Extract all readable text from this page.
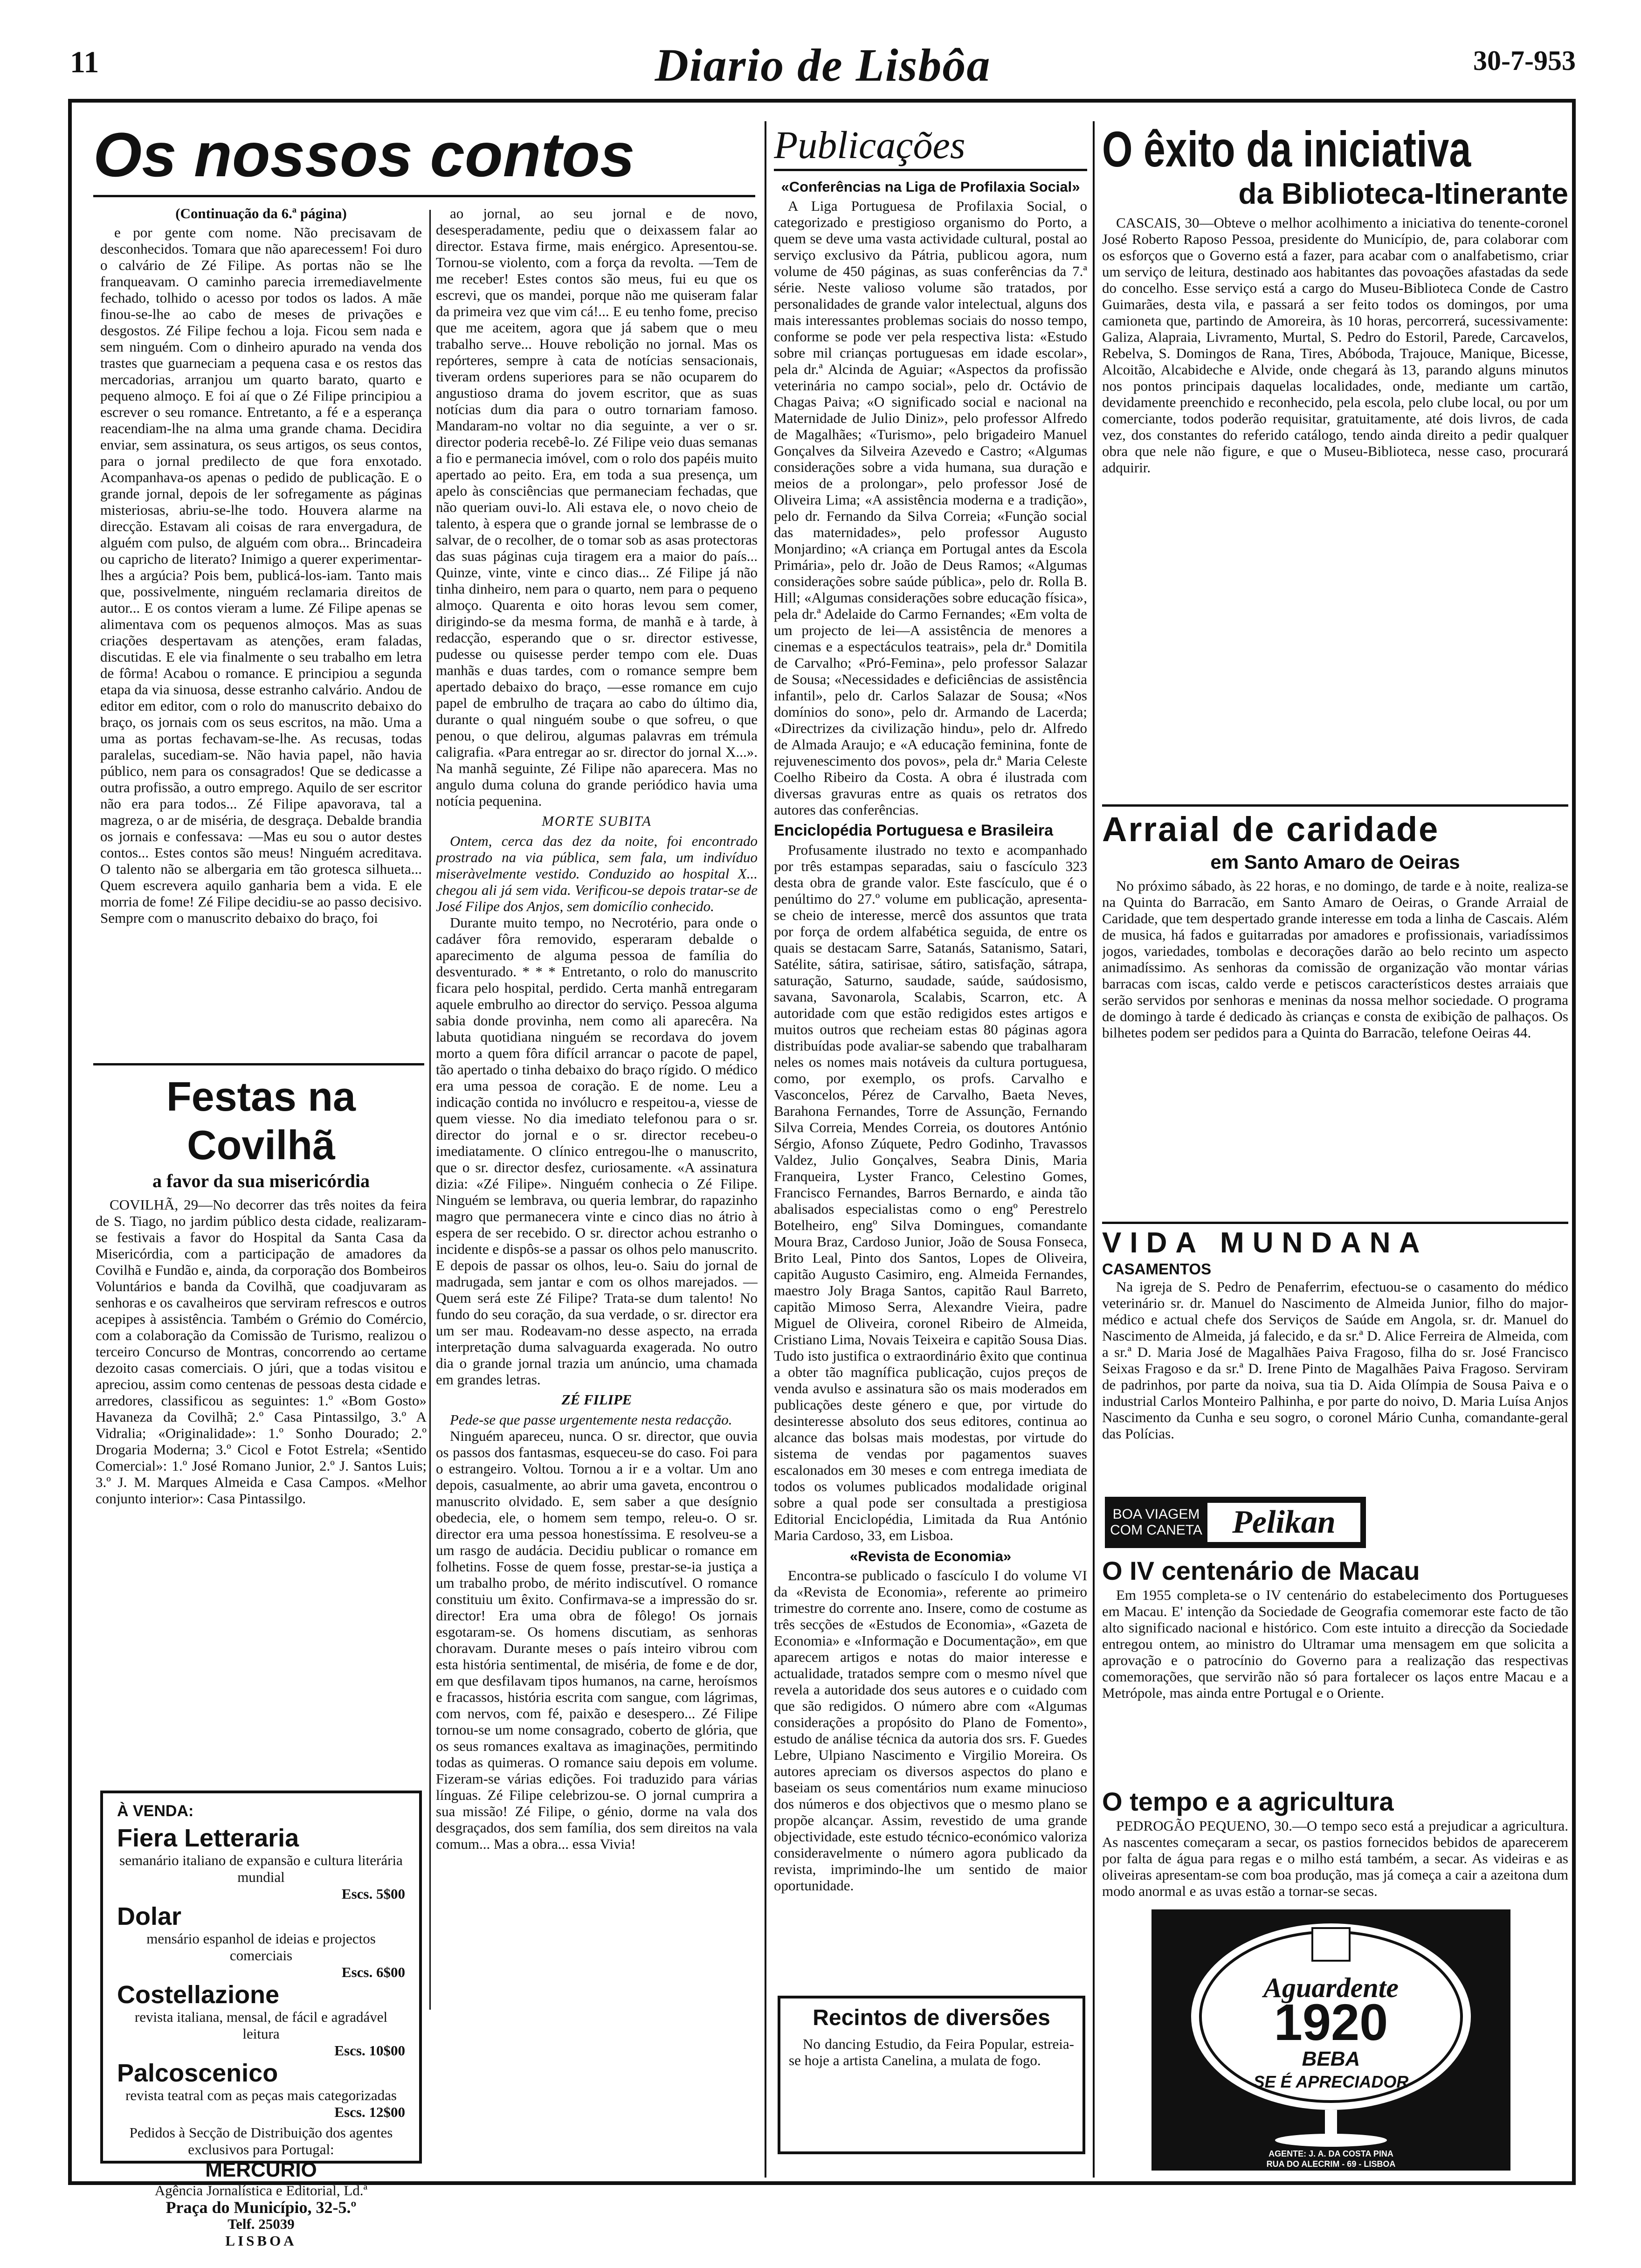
11	Diario de Lisbôa	30-7-953
Os nossos contos
(Continuação da 6.ª página)

e por gente com nome. Não precisavam de desconhecidos. Tomara que não aparecessem! Foi duro o calvário de Zé Filipe. As portas não se lhe franqueavam. O caminho parecia irremediavelmente fechado, tolhido o acesso por todos os lados. A mãe finou-se-lhe ao cabo de meses de privações e desgostos. Zé Filipe fechou a loja. Ficou sem nada e sem ninguém. Com o dinheiro apurado na venda dos trastes que guarneciam a pequena casa e os restos das mercadorias, arranjou um quarto barato, quarto e pequeno almoço. E foi aí que o Zé Filipe principiou a escrever o seu romance. Entretanto, a fé e a esperança reacendiam-lhe na alma uma grande chama. Decidira enviar, sem assinatura, os seus artigos, os seus contos, para o jornal predilecto de que fora enxotado. Acompanhava-os apenas o pedido de publicação. E o grande jornal, depois de ler sofregamente as páginas misteriosas, abriu-se-lhe todo. Houvera alarme na direcção. Estavam ali coisas de rara envergadura, de alguém com pulso, de alguém com obra... Brincadeira ou capricho de literato? Inimigo a querer experimentar-lhes a argúcia? Pois bem, publicá-los-iam. Tanto mais que, possivelmente, ninguém reclamaria direitos de autor... E os contos vieram a lume. Zé Filipe apenas se alimentava com os pequenos almoços. Mas as suas criações despertavam as atenções, eram faladas, discutidas. E ele via finalmente o seu trabalho em letra de fôrma! Acabou o romance. E principiou a segunda etapa da via sinuosa, desse estranho calvário. Andou de editor em editor, com o rolo do manuscrito debaixo do braço, os jornais com os seus escritos, na mão. Uma a uma as portas fechavam-se-lhe. As recusas, todas paralelas, sucediam-se. Não havia papel, não havia público, nem para os consagrados! Que se dedicasse a outra profissão, a outro emprego. Aquilo de ser escritor não era para todos... Zé Filipe apavorava, tal a magreza, o ar de miséria, de desgraça. Debalde brandia os jornais e confessava: —Mas eu sou o autor destes contos... Estes contos são meus! Ninguém acreditava. O talento não se albergaria em tão grotesca silhueta... Quem escrevera aquilo ganharia bem a vida. E ele morria de fome! Zé Filipe decidiu-se ao passo decisivo. Sempre com o manuscrito debaixo do braço, foi

ao jornal, ao seu jornal e de novo, desesperadamente, pediu que o deixassem falar ao director. Estava firme, mais enérgico. Apresentou-se. Tornou-se violento, com a força da revolta. —Tem de me receber! Estes contos são meus, fui eu que os escrevi, que os mandei, porque não me quiseram falar da primeira vez que vim cá!... E eu tenho fome, preciso que me aceitem, agora que já sabem que o meu trabalho serve... Houve rebolição no jornal. Mas os repórteres, sempre à cata de notícias sensacionais, tiveram ordens superiores para se não ocuparem do angustioso drama do jovem escritor, que as suas notícias dum dia para o outro tornariam famoso. Mandaram-no voltar no dia seguinte, a ver o sr. director poderia recebê-lo. Zé Filipe veio duas semanas a fio e permanecia imóvel, com o rolo dos papéis muito apertado ao peito. Era, em toda a sua presença, um apelo às consciências que permaneciam fechadas, que não queriam ouvi-lo. Ali estava ele, o novo cheio de talento, à espera que o grande jornal se lembrasse de o salvar, de o recolher, de o tomar sob as asas protectoras das suas páginas cuja tiragem era a maior do país... Quinze, vinte, vinte e cinco dias... Zé Filipe já não tinha dinheiro, nem para o quarto, nem para o pequeno almoço. Quarenta e oito horas levou sem comer, dirigindo-se da mesma forma, de manhã e à tarde, à redacção, esperando que o sr. director estivesse, pudesse ou quisesse perder tempo com ele. Duas manhãs e duas tardes, com o romance sempre bem apertado debaixo do braço, —esse romance em cujo papel de embrulho de traçara ao cabo do último dia, durante o qual ninguém soube o que sofreu, o que penou, o que delirou, algumas palavras em trémula caligrafia. «Para entregar ao sr. director do jornal X...». Na manhã seguinte, Zé Filipe não aparecera. Mas no angulo duma coluna do grande periódico havia uma notícia pequenina.

MORTE SUBITA

Ontem, cerca das dez da noite, foi encontrado prostrado na via pública, sem fala, um indivíduo miseràvelmente vestido. Conduzido ao hospital X... chegou ali já sem vida. Verificou-se depois tratar-se de José Filipe dos Anjos, sem domicílio conhecido.

Durante muito tempo, no Necrotério, para onde o cadáver fôra removido, esperaram debalde o aparecimento de alguma pessoa de família do desventurado. * * * Entretanto, o rolo do manuscrito ficara pelo hospital, perdido. Certa manhã entregaram aquele embrulho ao director do serviço. Pessoa alguma sabia donde provinha, nem como ali aparecêra. Na labuta quotidiana ninguém se recordava do jovem morto a quem fôra difícil arrancar o pacote de papel, tão apertado o tinha debaixo do braço rígido. O médico era uma pessoa de coração. E de nome. Leu a indicação contida no invólucro e respeitou-a, viesse de quem viesse. No dia imediato telefonou para o sr. director do jornal e o sr. director recebeu-o imediatamente. O clínico entregou-lhe o manuscrito, que o sr. director desfez, curiosamente. «A assinatura dizia: «Zé Filipe». Ninguém conhecia o Zé Filipe. Ninguém se lembrava, ou queria lembrar, do rapazinho magro que permanecera vinte e cinco dias no átrio à espera de ser recebido. O sr. director achou estranho o incidente e dispôs-se a passar os olhos pelo manuscrito. E depois de passar os olhos, leu-o. Saiu do jornal de madrugada, sem jantar e com os olhos marejados. —Quem será este Zé Filipe? Trata-se dum talento! No fundo do seu coração, da sua verdade, o sr. director era um ser mau. Rodeavam-no desse aspecto, na errada interpretação duma salvaguarda exagerada. No outro dia o grande jornal trazia um anúncio, uma chamada em grandes letras.

ZÉ FILIPE

Pede-se que passe urgentemente nesta redacção.

Ninguém apareceu, nunca. O sr. director, que ouvia os passos dos fantasmas, esqueceu-se do caso. Foi para o estrangeiro. Voltou. Tornou a ir e a voltar. Um ano depois, casualmente, ao abrir uma gaveta, encontrou o manuscrito olvidado. E, sem saber a que desígnio obedecia, ele, o homem sem tempo, releu-o. O sr. director era uma pessoa honestíssima. E resolveu-se a um rasgo de audácia. Decidiu publicar o romance em folhetins. Fosse de quem fosse, prestar-se-ia justiça a um trabalho probo, de mérito indiscutível. O romance constituiu um êxito. Confirmava-se a impressão do sr. director! Era uma obra de fôlego! Os jornais esgotaram-se. Os homens discutiam, as senhoras choravam. Durante meses o país inteiro vibrou com esta história sentimental, de miséria, de fome e de dor, em que desfilavam tipos humanos, na carne, heroísmos e fracassos, história escrita com sangue, com lágrimas, com nervos, com fé, paixão e desespero... Zé Filipe tornou-se um nome consagrado, coberto de glória, que os seus romances exaltava as imaginações, permitindo todas as quimeras. O romance saiu depois em volume. Fizeram-se várias edições. Foi traduzido para várias línguas. Zé Filipe celebrizou-se. O jornal cumprira a sua missão! Zé Filipe, o génio, dorme na vala dos desgraçados, dos sem família, dos sem direitos na vala comum... Mas a obra... essa Vivia!

Festas na Covilhã
a favor da sua misericórdia

COVILHÃ, 29—No decorrer das três noites da feira de S. Tiago, no jardim público desta cidade, realizaram-se festivais a favor do Hospital da Santa Casa da Misericórdia, com a participação de amadores da Covilhã e Fundão e, ainda, da corporação dos Bombeiros Voluntários e banda da Covilhã, que coadjuvaram as senhoras e os cavalheiros que serviram refrescos e outros acepipes à assistência. Também o Grémio do Comércio, com a colaboração da Comissão de Turismo, realizou o terceiro Concurso de Montras, concorrendo ao certame dezoito casas comerciais. O júri, que a todas visitou e apreciou, assim como centenas de pessoas desta cidade e arredores, classificou as seguintes: 1.º «Bom Gosto» Havaneza da Covilhã; 2.º Casa Pintassilgo, 3.º A Vidralia; «Originalidade»: 1.º Sonho Dourado; 2.º Drogaria Moderna; 3.º Cicol e Fotot Estrela; «Sentido Comercial»: 1.º José Romano Junior, 2.º J. Santos Luis; 3.º J. M. Marques Almeida e Casa Campos. «Melhor conjunto interior»: Casa Pintassilgo.

À VENDA:
Fiera Letteraria
semanário italiano de expansão e cultura literária mundial
Escs. 5$00
Dolar
mensário espanhol de ideias e projectos comerciais
Escs. 6$00
Costellazione
revista italiana, mensal, de fácil e agradável leitura
Escs. 10$00
Palcoscenico
revista teatral com as peças mais categorizadas
Escs. 12$00
Pedidos à Secção de Distribuição dos agentes exclusivos para Portugal:
MERCURIO
Agência Jornalística e Editorial, Ld.ª
Praça do Município, 32-5.º
Telf. 25039
LISBOA
Publicações
«Conferências na Liga de Profilaxia Social»

A Liga Portuguesa de Profilaxia Social, o categorizado e prestigioso organismo do Porto, a quem se deve uma vasta actividade cultural, postal ao serviço exclusivo da Pátria, publicou agora, num volume de 450 páginas, as suas conferências da 7.ª série. Neste valioso volume são tratados, por personalidades de grande valor intelectual, alguns dos mais interessantes problemas sociais do nosso tempo, conforme se pode ver pela respectiva lista: «Estudo sobre mil crianças portuguesas em idade escolar», pela dr.ª Alcinda de Aguiar; «Aspectos da profissão veterinária no campo social», pelo dr. Octávio de Chagas Paiva; «O significado social e nacional na Maternidade de Julio Diniz», pelo professor Alfredo de Magalhães; «Turismo», pelo brigadeiro Manuel Gonçalves da Silveira Azevedo e Castro; «Algumas considerações sobre a vida humana, sua duração e meios de a prolongar», pelo professor José de Oliveira Lima; «A assistência moderna e a tradição», pelo dr. Fernando da Silva Correia; «Função social das maternidades», pelo professor Augusto Monjardino; «A criança em Portugal antes da Escola Primária», pelo dr. João de Deus Ramos; «Algumas considerações sobre saúde pública», pelo dr. Rolla B. Hill; «Algumas considerações sobre educação física», pela dr.ª Adelaide do Carmo Fernandes; «Em volta de um projecto de lei—A assistência de menores a cinemas e a espectáculos teatrais», pela dr.ª Domitila de Carvalho; «Pró-Femina», pelo professor Salazar de Sousa; «Necessidades e deficiências de assistência infantil», pelo dr. Carlos Salazar de Sousa; «Nos domínios do sono», pelo dr. Armando de Lacerda; «Directrizes da civilização hindu», pelo dr. Alfredo de Almada Araujo; e «A educação feminina, fonte de rejuvenescimento dos povos», pela dr.ª Maria Celeste Coelho Ribeiro da Costa. A obra é ilustrada com diversas gravuras entre as quais os retratos dos autores das conferências.

Enciclopédia Portuguesa e Brasileira

Profusamente ilustrado no texto e acompanhado por três estampas separadas, saiu o fascículo 323 desta obra de grande valor. Este fascículo, que é o penúltimo do 27.º volume em publicação, apresenta-se cheio de interesse, mercê dos assuntos que trata por força de ordem alfabética seguida, de entre os quais se destacam Sarre, Satanás, Satanismo, Satari, Satélite, sátira, satirisae, sátiro, satisfação, sátrapa, saturação, Saturno, saudade, saúde, saúdosismo, savana, Savonarola, Scalabis, Scarron, etc. A autoridade com que estão redigidos estes artigos e muitos outros que recheiam estas 80 páginas agora distribuídas pode avaliar-se sabendo que trabalharam neles os nomes mais notáveis da cultura portuguesa, como, por exemplo, os profs. Carvalho e Vasconcelos, Pérez de Carvalho, Baeta Neves, Barahona Fernandes, Torre de Assunção, Fernando Silva Correia, Mendes Correia, os doutores António Sérgio, Afonso Zúquete, Pedro Godinho, Travassos Valdez, Julio Gonçalves, Seabra Dinis, Maria Franqueira, Lyster Franco, Celestino Gomes, Francisco Fernandes, Barros Bernardo, e ainda tão abalisados especialistas como o engº Perestrelo Botelheiro, engº Silva Domingues, comandante Moura Braz, Cardoso Junior, João de Sousa Fonseca, Brito Leal, Pinto dos Santos, Lopes de Oliveira, capitão Augusto Casimiro, eng. Almeida Fernandes, maestro Joly Braga Santos, capitão Raul Barreto, capitão Mimoso Serra, Alexandre Vieira, padre Miguel de Oliveira, coronel Ribeiro de Almeida, Cristiano Lima, Novais Teixeira e capitão Sousa Dias. Tudo isto justifica o extraordinário êxito que continua a obter tão magnífica publicação, cujos preços de venda avulso e assinatura são os mais moderados em publicações deste género e que, por virtude do desinteresse absoluto dos seus editores, continua ao alcance das bolsas mais modestas, por virtude do sistema de vendas por pagamentos suaves escalonados em 30 meses e com entrega imediata de todos os volumes publicados modalidade original sobre a qual pode ser consultada a prestigiosa Editorial Enciclopédia, Limitada da Rua António Maria Cardoso, 33, em Lisboa.

«Revista de Economia»

Encontra-se publicado o fascículo I do volume VI da «Revista de Economia», referente ao primeiro trimestre do corrente ano. Insere, como de costume as três secções de «Estudos de Economia», «Gazeta de Economia» e «Informação e Documentação», em que aparecem artigos e notas do maior interesse e actualidade, tratados sempre com o mesmo nível que revela a autoridade dos seus autores e o cuidado com que são redigidos. O número abre com «Algumas considerações a propósito do Plano de Fomento», estudo de análise técnica da autoria dos srs. F. Guedes Lebre, Ulpiano Nascimento e Virgilio Moreira. Os autores apreciam os diversos aspectos do plano e baseiam os seus comentários num exame minucioso dos números e dos objectivos que o mesmo plano se propõe alcançar. Assim, revestido de uma grande objectividade, este estudo técnico-económico valoriza consideravelmente o número agora publicado da revista, imprimindo-lhe um sentido de maior oportunidade.

Recintos de diversões

No dancing Estudio, da Feira Popular, estreia-se hoje a artista Canelina, a mulata de fogo.

O êxito da iniciativa
da Biblioteca-Itinerante

CASCAIS, 30—Obteve o melhor acolhimento a iniciativa do tenente-coronel José Roberto Raposo Pessoa, presidente do Município, de, para colaborar com os esforços que o Governo está a fazer, para acabar com o analfabetismo, criar um serviço de leitura, destinado aos habitantes das povoações afastadas da sede do concelho. Esse serviço está a cargo do Museu-Biblioteca Conde de Castro Guimarães, desta vila, e passará a ser feito todos os domingos, por uma camioneta que, partindo de Amoreira, às 10 horas, percorrerá, sucessivamente: Galiza, Alapraia, Livramento, Murtal, S. Pedro do Estoril, Parede, Carcavelos, Rebelva, S. Domingos de Rana, Tires, Abóboda, Trajouce, Manique, Bicesse, Alcoitão, Alcabideche e Alvide, onde chegará às 13, parando alguns minutos nos pontos principais daquelas localidades, onde, mediante um cartão, devidamente preenchido e reconhecido, pela escola, pelo clube local, ou por um comerciante, todos poderão requisitar, gratuitamente, até dois livros, de cada vez, dos constantes do referido catálogo, tendo ainda direito a pedir qualquer obra que nele não figure, e que o Museu-Biblioteca, nesse caso, procurará adquirir.

Arraial de caridade
em Santo Amaro de Oeiras

No próximo sábado, às 22 horas, e no domingo, de tarde e à noite, realiza-se na Quinta do Barracão, em Santo Amaro de Oeiras, o Grande Arraial de Caridade, que tem despertado grande interesse em toda a linha de Cascais. Além de musica, há fados e guitarradas por amadores e profissionais, variadíssimos jogos, variedades, tombolas e decorações darão ao belo recinto um aspecto animadíssimo. As senhoras da comissão de organização vão montar várias barracas com iscas, caldo verde e petiscos característicos destes arraiais que serão servidos por senhoras e meninas da nossa melhor sociedade. O programa de domingo à tarde é dedicado às crianças e consta de exibição de palhaços. Os bilhetes podem ser pedidos para a Quinta do Barracão, telefone Oeiras 44.

VIDA MUNDANA
CASAMENTOS

Na igreja de S. Pedro de Penaferrim, efectuou-se o casamento do médico veterinário sr. dr. Manuel do Nascimento de Almeida Junior, filho do major-médico e actual chefe dos Serviços de Saúde em Angola, sr. dr. Manuel do Nascimento de Almeida, já falecido, e da sr.ª D. Alice Ferreira de Almeida, com a sr.ª D. Maria José de Magalhães Paiva Fragoso, filha do sr. José Francisco Seixas Fragoso e da sr.ª D. Irene Pinto de Magalhães Paiva Fragoso. Serviram de padrinhos, por parte da noiva, sua tia D. Aida Olímpia de Sousa Paiva e o industrial Carlos Monteiro Palhinha, e por parte do noivo, D. Maria Luísa Anjos Nascimento da Cunha e seu sogro, o coronel Mário Cunha, comandante-geral das Polícias.

BOA VIAGEM
COM CANETA Pelikan
O IV centenário de Macau

Em 1955 completa-se o IV centenário do estabelecimento dos Portugueses em Macau. E' intenção da Sociedade de Geografia comemorar este facto de tão alto significado nacional e histórico. Com este intuito a direcção da Sociedade entregou ontem, ao ministro do Ultramar uma mensagem em que solicita a aprovação e o patrocínio do Governo para a realização das respectivas comemorações, que servirão não só para fortalecer os laços entre Macau e a Metrópole, mas ainda entre Portugal e o Oriente.

O tempo e a agricultura

PEDROGÃO PEQUENO, 30.—O tempo seco está a prejudicar a agricultura. As nascentes começaram a secar, os pastios fornecidos bebidos de aparecerem por falta de água para regas e o milho está também, a secar. As videiras e as oliveiras apresentam-se com boa produção, mas já começa a cair a azeitona dum modo anormal e as uvas estão a tornar-se secas.

Aguardente
1920
BEBA
SE É APRECIADOR
AGENTE: J. A. DA COSTA PINA
RUA DO ALECRIM - 69 - LISBOA
